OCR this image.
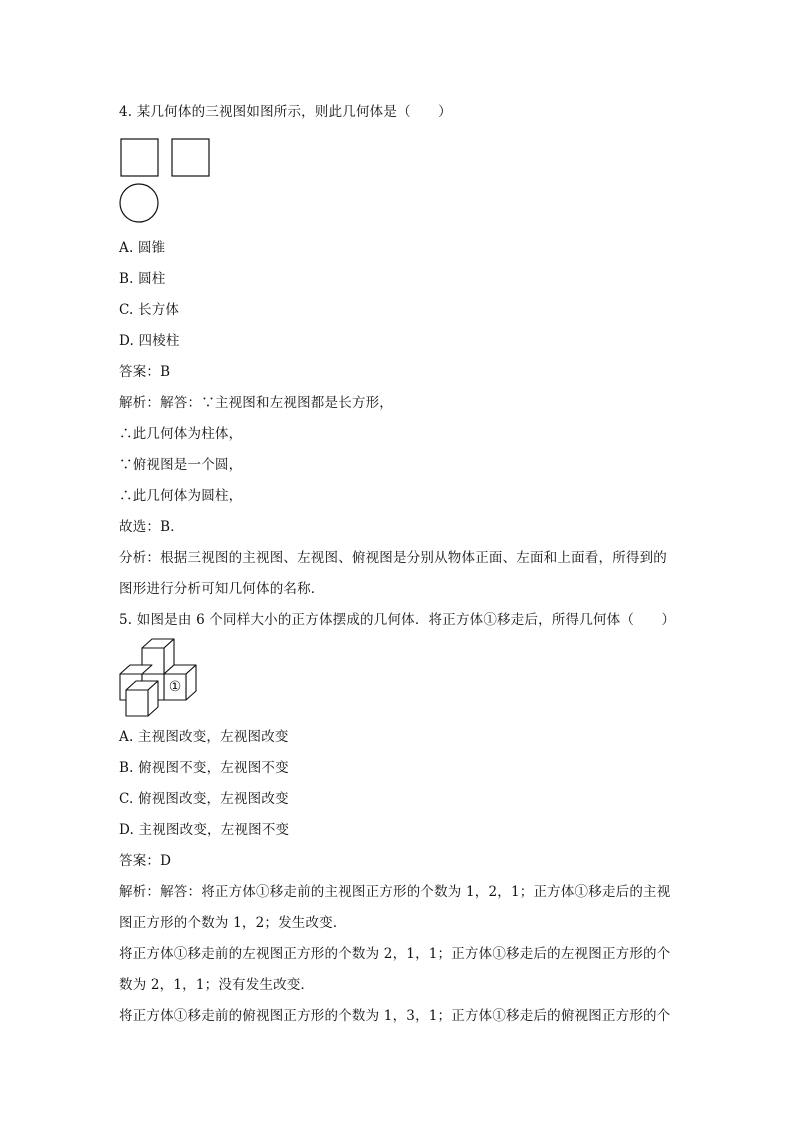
4. 某几何体的三视图如图所示，则此几何体是（　　）
A. 圆锥
B. 圆柱
C. 长方体
D. 四棱柱
答案：B
解析：解答：∵主视图和左视图都是长方形，
∴此几何体为柱体，
∵俯视图是一个圆，
∴此几何体为圆柱，
故选：B．
分析：根据三视图的主视图、左视图、俯视图是分别从物体正面、左面和上面看，所得到的
图形进行分析可知几何体的名称．
5. 如图是由 6 个同样大小的正方体摆成的几何体．将正方体①移走后，所得几何体（　　）
①
A. 主视图改变，左视图改变
B. 俯视图不变，左视图不变
C. 俯视图改变，左视图改变
D. 主视图改变，左视图不变
答案：D
解析：解答：将正方体①移走前的主视图正方形的个数为 1，2，1；正方体①移走后的主视
图正方形的个数为 1，2；发生改变．
将正方体①移走前的左视图正方形的个数为 2，1，1；正方体①移走后的左视图正方形的个
数为 2，1，1；没有发生改变．
将正方体①移走前的俯视图正方形的个数为 1，3，1；正方体①移走后的俯视图正方形的个
